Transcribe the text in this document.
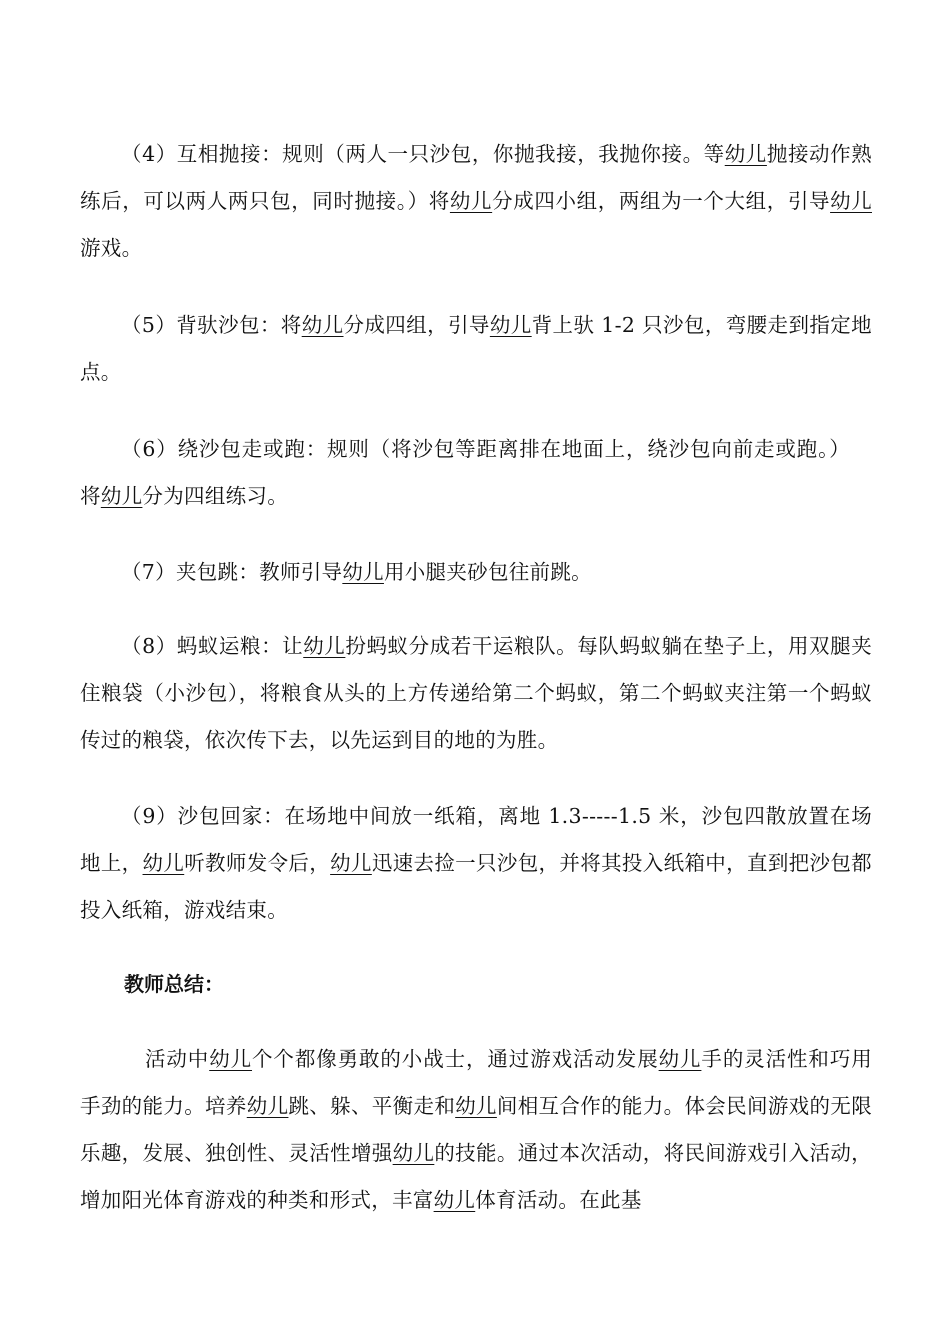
（4）互相抛接：规则（两人一只沙包，你抛我接，我抛你接。等幼儿抛接动作熟练后，可以两人两只包，同时抛接。）将幼儿分成四小组，两组为一个大组，引导幼儿游戏。

（5）背驮沙包：将幼儿分成四组，引导幼儿背上驮 1-2 只沙包，弯腰走到指定地点。

（6）绕沙包走或跑：规则（将沙包等距离排在地面上，绕沙包向前走或跑。）将幼儿分为四组练习。

（7）夹包跳：教师引导幼儿用小腿夹砂包往前跳。

（8）蚂蚁运粮：让幼儿扮蚂蚁分成若干运粮队。每队蚂蚁躺在垫子上，用双腿夹住粮袋（小沙包），将粮食从头的上方传递给第二个蚂蚁，第二个蚂蚁夹注第一个蚂蚁传过的粮袋，依次传下去，以先运到目的地的为胜。

（9）沙包回家：在场地中间放一纸箱，离地 1.3-----1.5 米，沙包四散放置在场地上，幼儿听教师发令后，幼儿迅速去捡一只沙包，并将其投入纸箱中，直到把沙包都投入纸箱，游戏结束。

教师总结：

活动中幼儿个个都像勇敢的小战士，通过游戏活动发展幼儿手的灵活性和巧用手劲的能力。培养幼儿跳、躲、平衡走和幼儿间相互合作的能力。体会民间游戏的无限乐趣，发展、独创性、灵活性增强幼儿的技能。通过本次活动，将民间游戏引入活动，增加阳光体育游戏的种类和形式，丰富幼儿体育活动。在此基
